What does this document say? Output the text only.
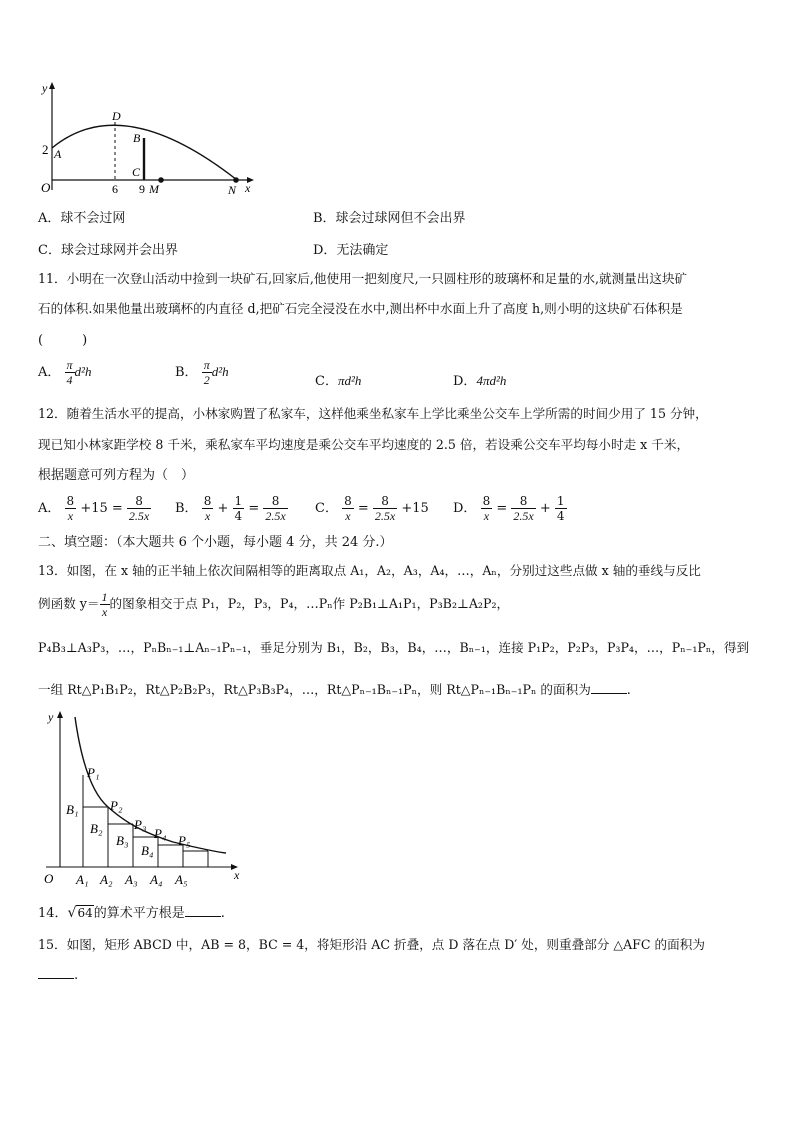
y
O
2 A
D
B
C
6 9 M	N x
A．球不会过网	B．球会过球网但不会出界
C．球会过球网并会出界	D．无法确定
11．小明在一次登山活动中捡到一块矿石,回家后,他使用一把刻度尺,一只圆柱形的玻璃杯和足量的水,就测量出这块矿
石的体积.如果他量出玻璃杯的内直径 d,把矿石完全浸没在水中,测出杯中水面上升了高度 h,则小明的这块矿石体积是
(　　　)
A． $\frac{\pi}{4} d^2h$	B． $\frac{\pi}{2} d^2h$
C．πd²h	D．4πd²h
12．随着生活水平的提高，小林家购置了私家车，这样他乘坐私家车上学比乘坐公交车上学所需的时间少用了 15 分钟，
现已知小林家距学校 8 千米，乘私家车平均速度是乘公交车平均速度的 2.5 倍，若设乘公交车平均每小时走 x 千米，
根据题意可列方程为（　）
A． $\frac{8}{x} +15 = \frac{8}{2.5x}$ B． $\frac{8}{x} + \frac{1}{4} = \frac{8}{2.5x}$ C． $\frac{8}{x} = \frac{8}{2.5x} +15$ D． $\frac{8}{x} = \frac{8}{2.5x} + \frac{1}{4}$
二、填空题：（本大题共 6 个小题，每小题 4 分，共 24 分.）
13．如图，在 x 轴的正半轴上依次间隔相等的距离取点 A₁，A₂，A₃，A₄，…，Aₙ，分别过这些点做 x 轴的垂线与反比
例函数 $y= \frac{1}{x}$ 的图象相交于点 P₁，P₂，P₃，P₄，…Pₙ作 P₂B₁⊥A₁P₁，P₃B₂⊥A₂P₂，
P₄B₃⊥A₃P₃，…，PₙBₙ₋₁⊥Aₙ₋₁Pₙ₋₁，垂足分别为 B₁，B₂，B₃，B₄，…，Bₙ₋₁，连接 P₁P₂，P₂P₃，P₃P₄，…，Pₙ₋₁Pₙ，得到
一组 Rt△P₁B₁P₂，Rt△P₂B₂P₃，Rt△P₃B₃P₄，…，Rt△Pₙ₋₁Bₙ₋₁Pₙ，则 Rt△Pₙ₋₁Bₙ₋₁Pₙ 的面积为	.
y
x
O
P₁
P₂
P₃
P₄ P₅
B₁
B₂
B₃
B₄
A₁ A₂ A₃ A₄ A₅
14．√64的算术平方根是	.
15．如图，矩形 ABCD 中，AB = 8，BC = 4，将矩形沿 AC 折叠，点 D 落在点 D′ 处，则重叠部分 △AFC 的面积为
.
